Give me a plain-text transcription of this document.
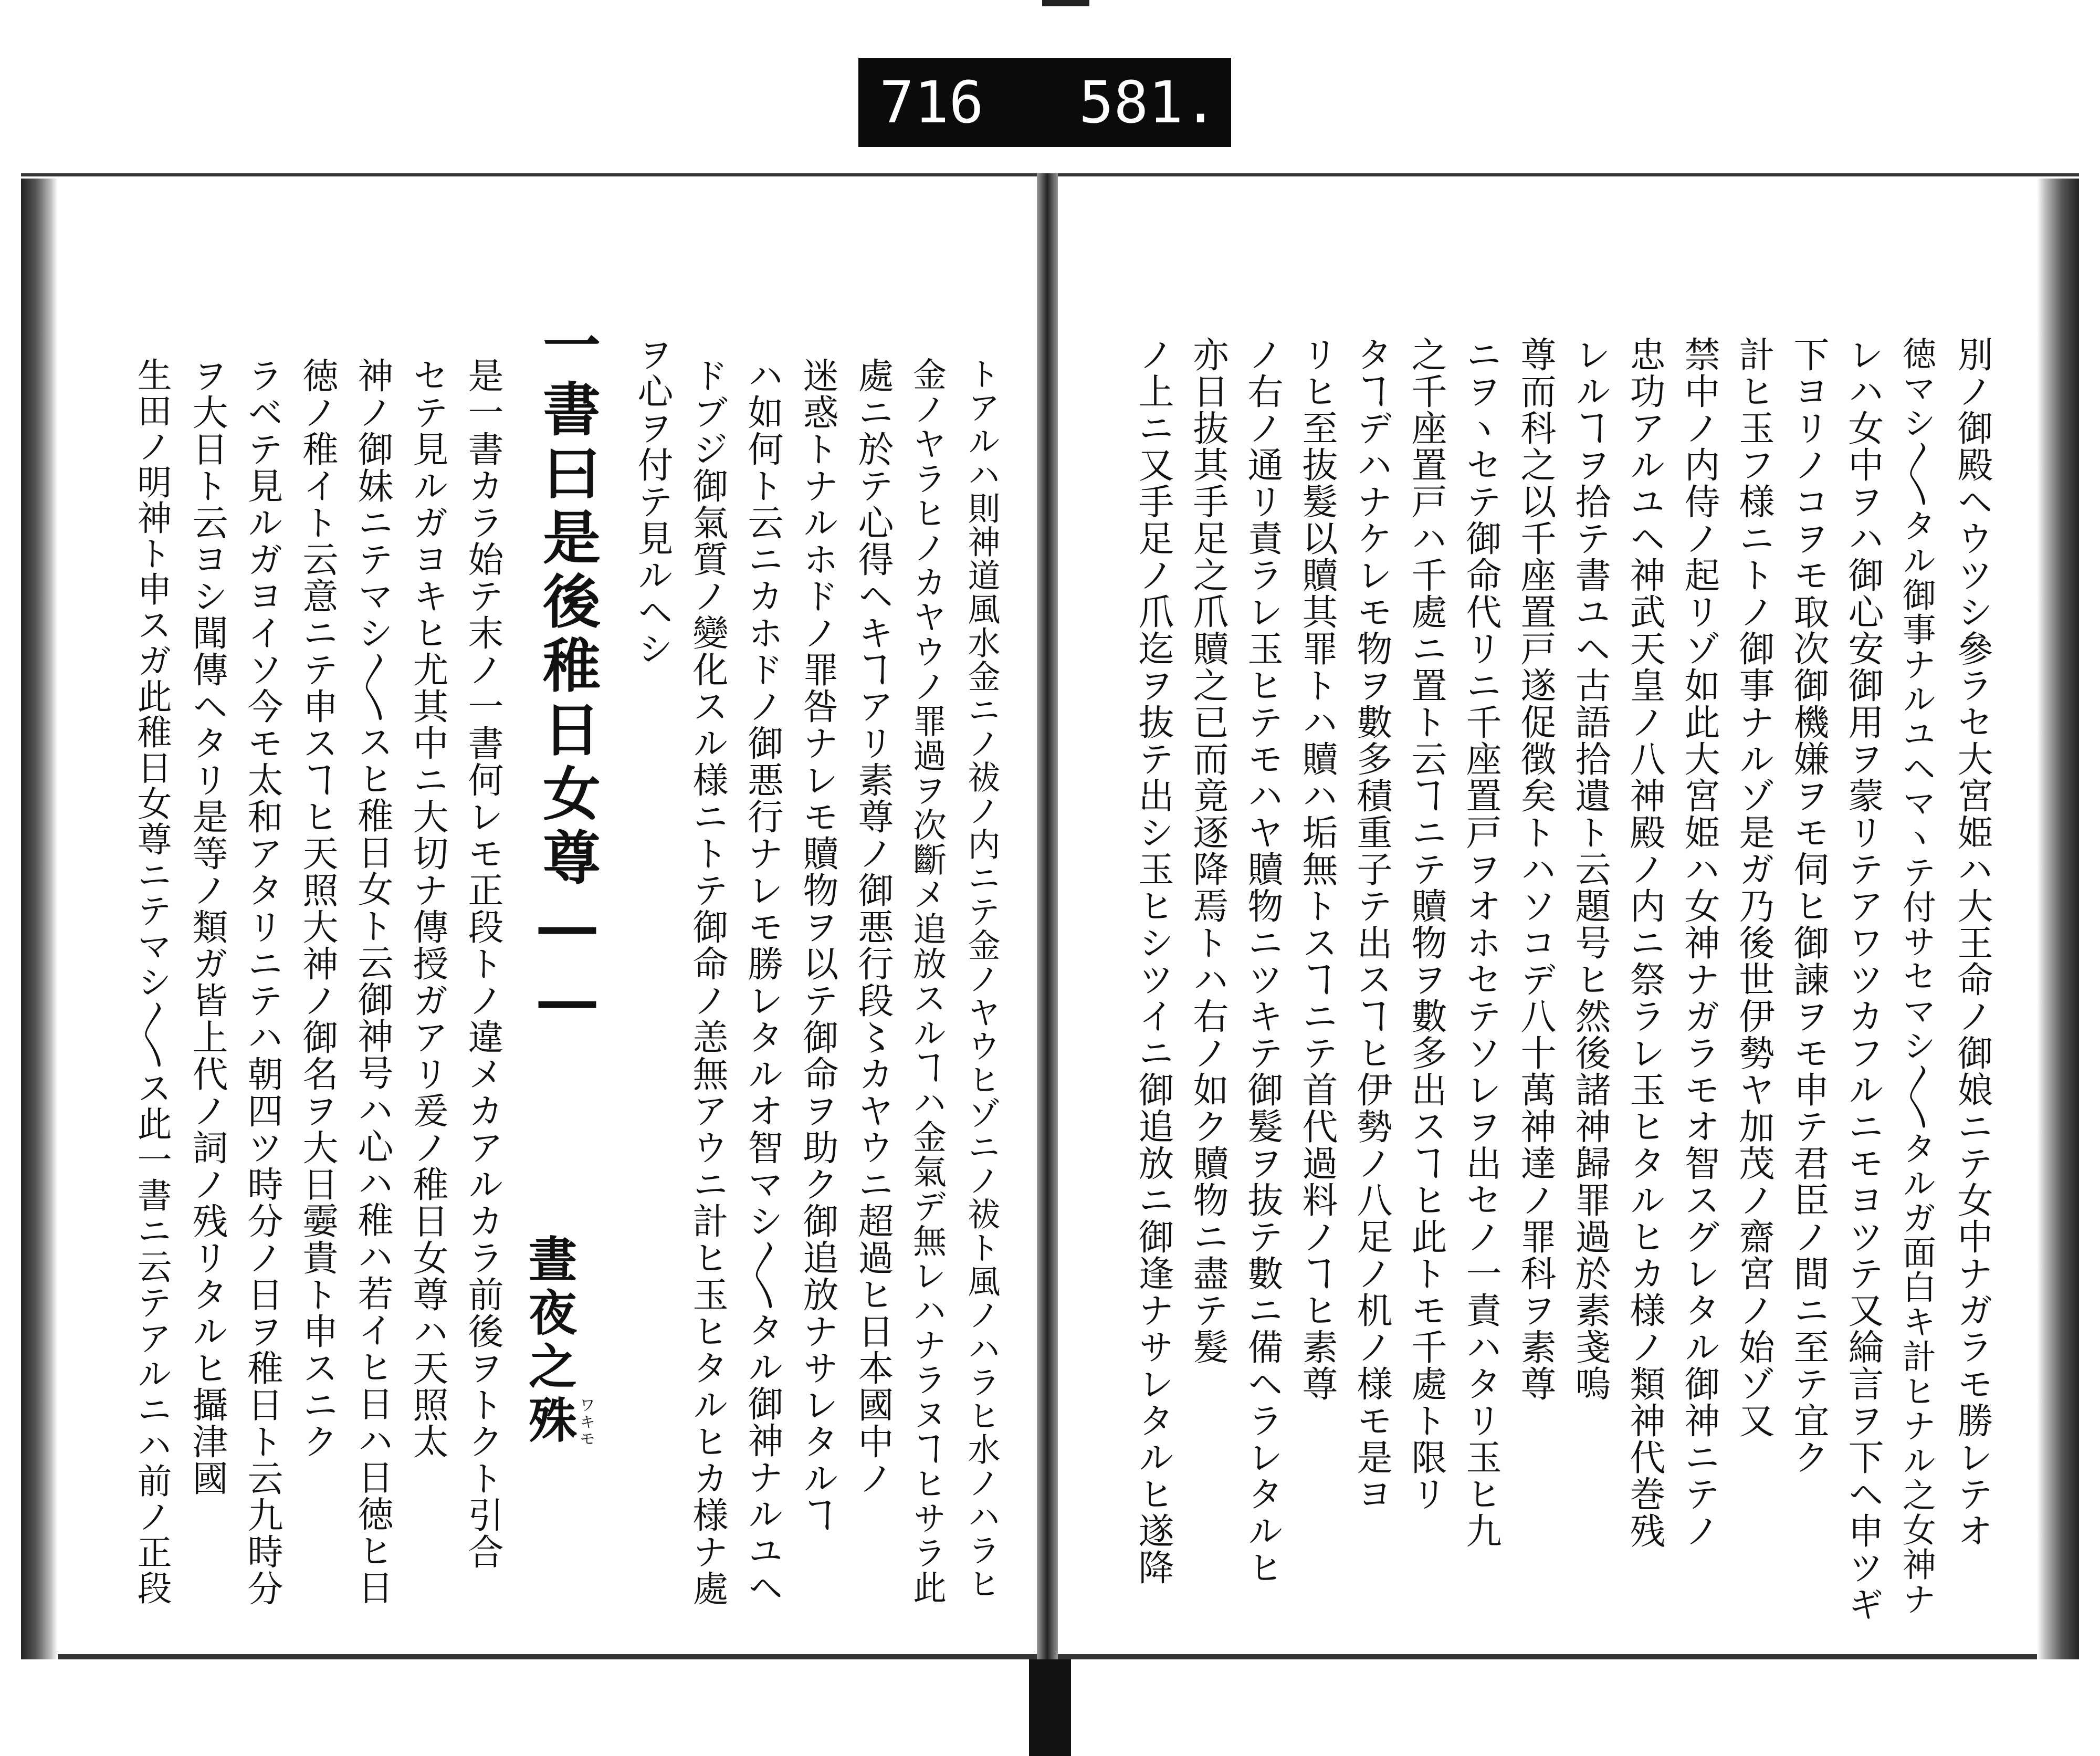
716 581.
別ノ御殿ヘウツシ參ラセ大宮姫ハ大王命ノ御娘ニテ女中ナガラモ勝レテオ
徳マシ〳〵タル御事ナルユヘマヽテ付サセマシ〳〵タルガ面白キ計ヒナル之女神ナ
レハ女中ヲハ御心安御用ヲ蒙リテアワツカフルニモヨツテ又綸言ヲ下ヘ申ツギ
下ヨリノコヲモ取次御機嫌ヲモ伺ヒ御諫ヲモ申テ君臣ノ間ニ至テ宜ク
計ヒ玉フ様ニトノ御事ナルゾ是ガ乃後世伊勢ヤ加茂ノ齋宮ノ始ゾ又
禁中ノ内侍ノ起リゾ如此大宮姫ハ女神ナガラモオ智スグレタル御神ニテノ
忠功アルユヘ神武天皇ノ八神殿ノ内ニ祭ラレ玉ヒタルヒカ様ノ類神代巻残
レルヿヲ拾テ書ユヘ古語拾遺ト云題号ヒ然後諸神歸罪過於素戔嗚
尊而科之以千座置戸遂促徴矣トハソコデ八十萬神達ノ罪科ヲ素尊
ニヲヽセテ御命代リニ千座置戸ヲオホセテソレヲ出セノ一責ハタリ玉ヒ九
之千座置戸ハ千處ニ置ト云ヿニテ贖物ヲ數多出スヿヒ此トモ千處ト限リ
タヿデハナケレモ物ヲ數多積重子テ出スヿヒ伊勢ノ八足ノ机ノ様モ是ヨ
リヒ至抜髮以贖其罪トハ贖ハ垢無トスヿニテ首代過料ノヿヒ素尊
ノ右ノ通リ責ラレ玉ヒテモハヤ贖物ニツキテ御髮ヲ抜テ數ニ備ヘラレタルヒ
亦日抜其手足之爪贖之已而竟逐降焉トハ右ノ如ク贖物ニ盡テ髮
ノ上ニ又手足ノ爪迄ヲ抜テ出シ玉ヒシツイニ御追放ニ御逢ナサレタルヒ遂降
トアルハ則神道風水金ニノ祓ノ内ニテ金ノヤウヒゾニノ祓ト風ノハラヒ水ノハラヒ
金ノヤラヒノカヤウノ罪過ヲ次斷メ追放スルヿハ金氣デ無レハナラヌヿヒサラ此
處ニ於テ心得ヘキヿアリ素尊ノ御悪行段〻カヤウニ超過ヒ日本國中ノ
迷惑トナルホドノ罪咎ナレモ贖物ヲ以テ御命ヲ助ク御追放ナサレタルヿ
ハ如何ト云ニカホドノ御悪行ナレモ勝レタルオ智マシ〳〵タル御神ナルユヘ
ドブジ御氣質ノ變化スル様ニトテ御命ノ恙無アウニ計ヒ玉ヒタルヒカ様ナ處
ヲ心ヲ付テ見ルヘシ
一書曰是後稚日女尊――
晝夜之殊
ワキモ
是一書カラ始テ末ノ一書何レモ正段トノ違メカアルカラ前後ヲトクト引合
セテ見ルガヨキヒ尤其中ニ大切ナ傳授ガアリ爰ノ稚日女尊ハ天照太
神ノ御妹ニテマシ〳〵スヒ稚日女ト云御神号ハ心ハ稚ハ若イヒ日ハ日徳ヒ日
徳ノ稚イト云意ニテ申スヿヒ天照大神ノ御名ヲ大日孁貴ト申スニク
ラベテ見ルガヨイソ今モ太和アタリニテハ朝四ツ時分ノ日ヲ稚日ト云九時分
ヲ大日ト云ヨシ聞傳ヘタリ是等ノ類ガ皆上代ノ詞ノ残リタルヒ攝津國
生田ノ明神ト申スガ此稚日女尊ニテマシ〳〵ス此一書ニ云テアルニハ前ノ正段
